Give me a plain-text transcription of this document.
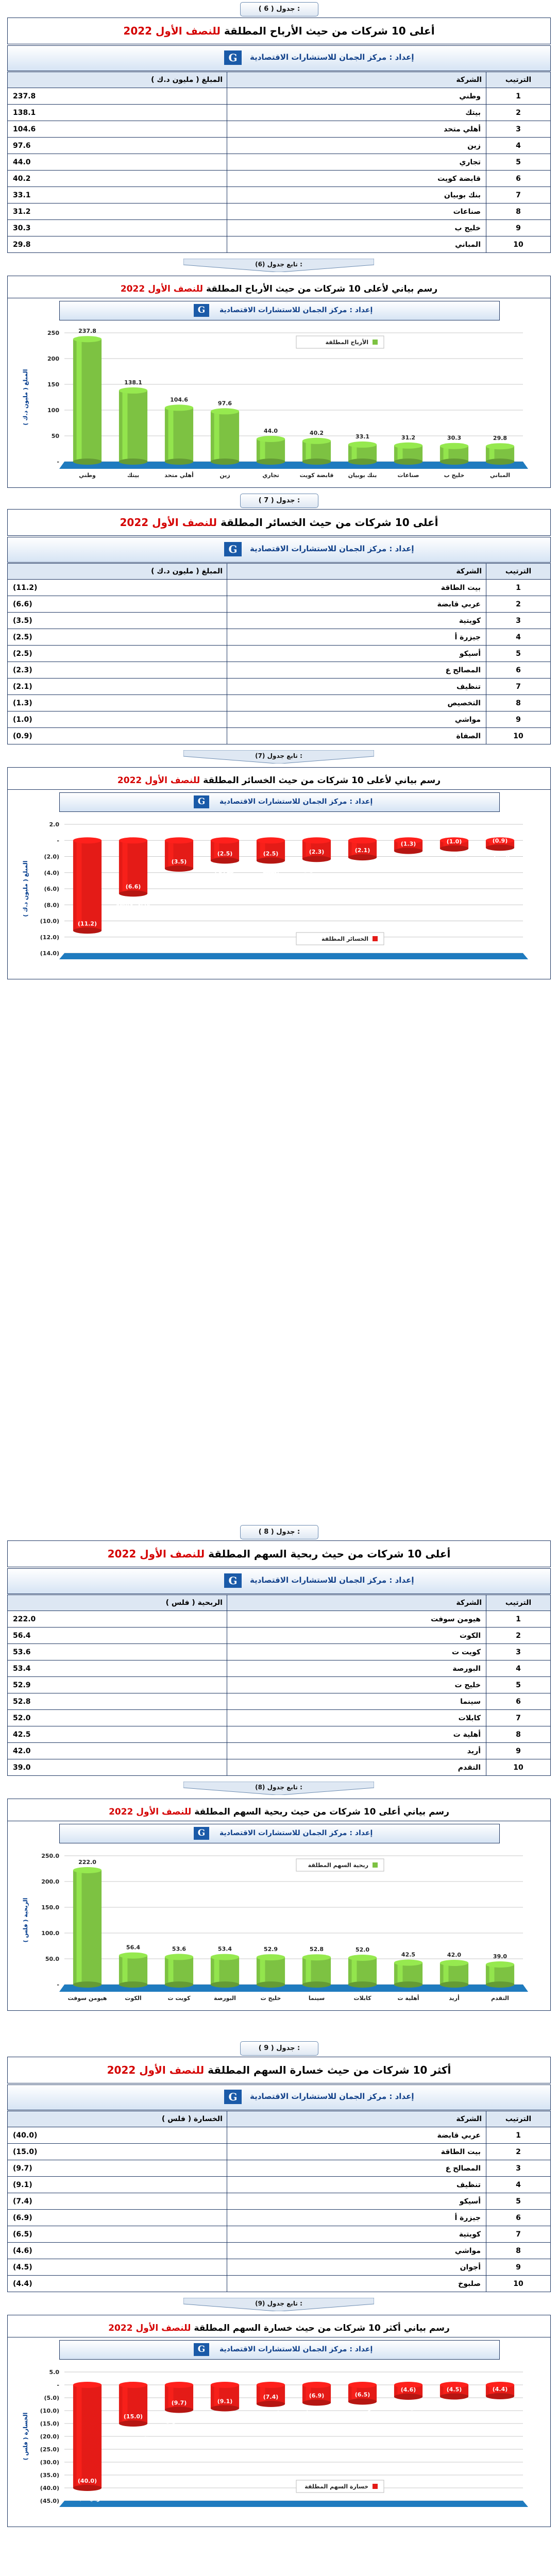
جدول ( 6 ) :
أعلى 10 شركات من حيث الأرباح المطلقة للنصف الأول 2022
G	إعداد : مركز الجمان للاستشارات الاقتصادية
الترتيب	الشركة	المبلغ ( مليون د.ك )
1	وطني	237.8
2	بيتك	138.1
3	أهلي متحد	104.6
4	زين	97.6
5	تجاري	44.0
6	قابضة كويت	40.2
7	بنك بوبيان	33.1
8	صناعات	31.2
9	خليج ب	30.3
10	المباني	29.8
تابع جدول (6) :
رسم بياني لأعلى 10 شركات من حيث الأرباح المطلقة للنصف الأول 2022
G	إعداد : مركز الجمان للاستشارات الاقتصادية
-
50
100
150
200
250
المبلغ ( مليون د.ك )
الأرباح المطلقة
237.8
وطني
138.1
بيتك
104.6
أهلي متحد
97.6
زين
44.0
تجاري
40.2
قابضة كويت
33.1
بنك بوبيان
31.2
صناعات
30.3
خليج ب
29.8
المباني
جدول ( 7 ) :
أعلى 10 شركات من حيث الخسائر المطلقة للنصف الأول 2022
G	إعداد : مركز الجمان للاستشارات الاقتصادية
الترتيب	الشركة	المبلغ ( مليون د.ك )
1	بيت الطاقة	(11.2)
2	عربي قابضة	(6.6)
3	كويتية	(3.5)
4	جيزرة أ	(2.5)
5	أسيكو	(2.5)
6	المصالح ع	(2.3)
7	تنظيف	(2.1)
8	التخصيص	(1.3)
9	مواشي	(1.0)
10	الصفاة	(0.9)
تابع جدول (7) :
رسم بياني لأعلى 10 شركات من حيث الخسائر المطلقة للنصف الأول 2022
G	إعداد : مركز الجمان للاستشارات الاقتصادية
2.0
-
(2.0)
(4.0)
(6.0)
(8.0)
(10.0)
(12.0)
(14.0)
المبلغ ( مليون د.ك )
الخسائر المطلقة
(11.2)
بيت الطاقة
(6.6)
عربي قابضة
(3.5)
كويتية
(2.5)
جيزرة أ
(2.5)
أسيكو
(2.3)
المصالح ع
(2.1)
تنظيف
(1.3)
التخصيص
(1.0)
مواشي
(0.9)
الصفاة
جدول ( 8 ) :
أعلى 10 شركات من حيث ربحية السهم المطلقة للنصف الأول 2022
G	إعداد : مركز الجمان للاستشارات الاقتصادية
الترتيب	الشركة	الربحية ( فلس )
1	هيومن سوفت	222.0
2	الكوت	56.4
3	كويت ت	53.6
4	البورصة	53.4
5	خليج ت	52.9
6	سينما	52.8
7	كابلات	52.0
8	أهلية ت	42.5
9	أريد	42.0
10	التقدم	39.0
تابع جدول (8) :
رسم بياني أعلى 10 شركات من حيث ربحية السهم المطلقة للنصف الأول 2022
G	إعداد : مركز الجمان للاستشارات الاقتصادية
-
50.0
100.0
150.0
200.0
250.0
الربحية ( فلس )
ربحية السهم المطلقة
222.0
هيومن سوفت
56.4
الكوت
53.6
كويت ت
53.4
البورصة
52.9
خليج ت
52.8
سينما
52.0
كابلات
42.5
أهلية ت
42.0
أريد
39.0
التقدم
جدول ( 9 ) :
أكثر 10 شركات من حيث خسارة السهم المطلقة للنصف الأول 2022
G	إعداد : مركز الجمان للاستشارات الاقتصادية
الترتيب	الشركة	الخسارة ( فلس )
1	عربي قابضة	(40.0)
2	بيت الطاقة	(15.0)
3	المصالح ع	(9.7)
4	تنظيف	(9.1)
5	أسيكو	(7.4)
6	جيزرة أ	(6.9)
7	كويتية	(6.5)
8	مواشي	(4.6)
9	أجوان	(4.5)
10	صلبوخ	(4.4)
تابع جدول (9) :
رسم بياني أكثر 10 شركات من حيث خسارة السهم المطلقة للنصف الأول 2022
G	إعداد : مركز الجمان للاستشارات الاقتصادية
5.0
-
(5.0)
(10.0)
(15.0)
(20.0)
(25.0)
(30.0)
(35.0)
(40.0)
(45.0)
الخسارة ( فلس )
خسارة السهم المطلقة
(40.0)
عربي قابضة
(15.0)
بيت الطاقة
(9.7)
المصالح ع
(9.1)
تنظيف
(7.4)
أسيكو
(6.9)
جيزرة أ
(6.5)
كويتية
(4.6)
مواشي
(4.5)
أجوان
(4.4)
صلبوخ
